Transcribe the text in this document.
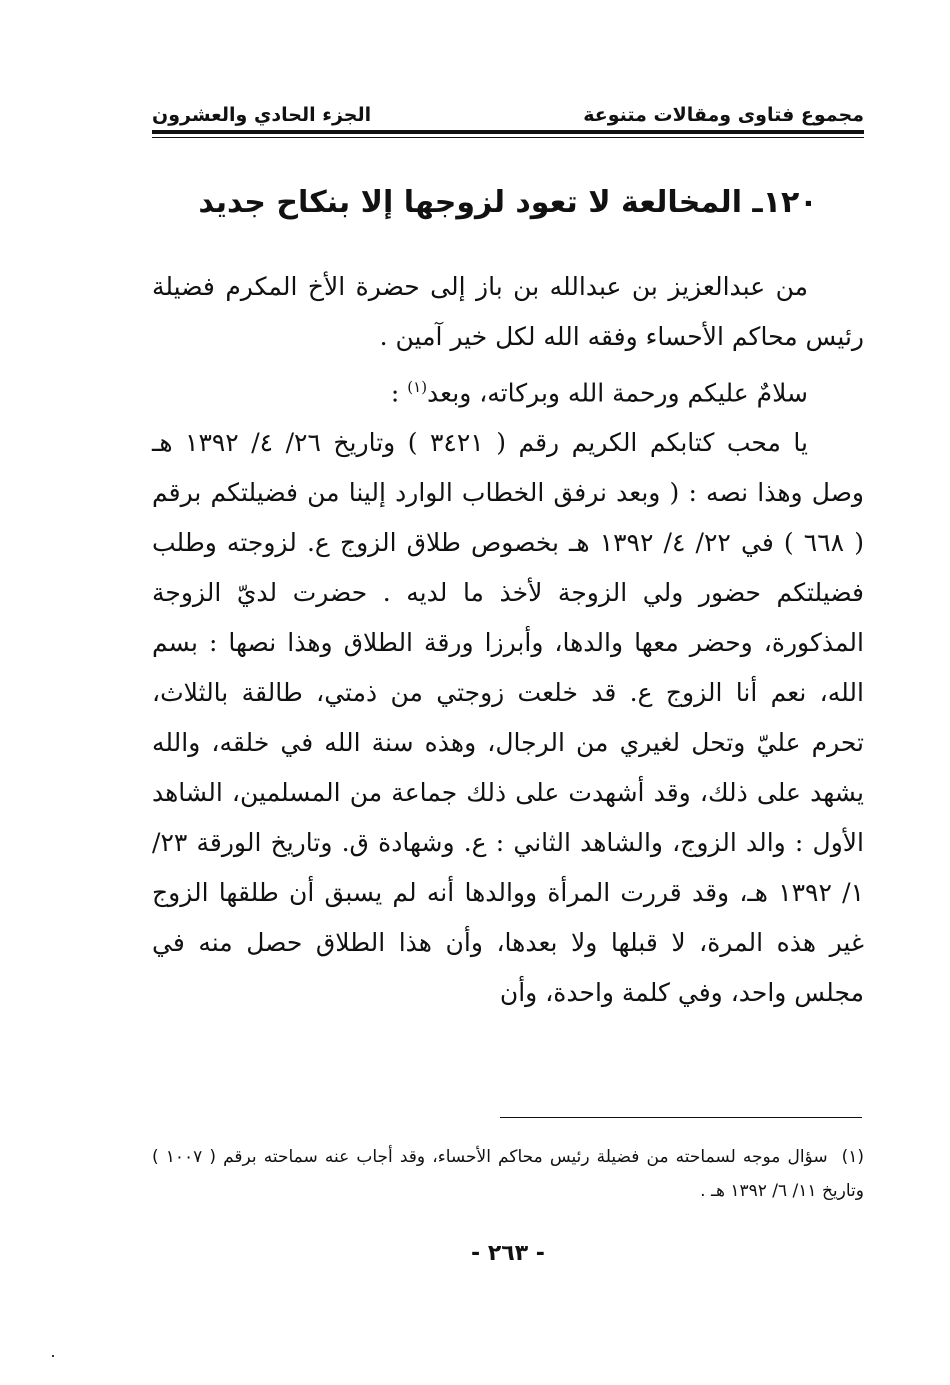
مجموع فتاوى ومقالات متنوعة
الجزء الحادي والعشرون
١٢٠ـ المخالعة لا تعود لزوجها إلا بنكاح جديد

من عبدالعزيز بن عبدالله بن باز إلى حضرة الأخ المكرم فضيلة رئيس محاكم الأحساء وفقه الله لكل خير آمين .

سلامٌ عليكم ورحمة الله وبركاته، وبعد$^{(١)}$ :

يا محب كتابكم الكريم رقم ( ٣٤٢١ ) وتاريخ ٢٦/ ٤/ ١٣٩٢ هـ وصل وهذا نصه : ( وبعد نرفق الخطاب الوارد إلينا من فضيلتكم برقم ( ٦٦٨ ) في ٢٢/ ٤/ ١٣٩٢ هـ بخصوص طلاق الزوج ع. لزوجته وطلب فضيلتكم حضور ولي الزوجة لأخذ ما لديه . حضرت لديّ الزوجة المذكورة، وحضر معها والدها، وأبرزا ورقة الطلاق وهذا نصها : بسم الله، نعم أنا الزوج ع. قد خلعت زوجتي من ذمتي، طالقة بالثلاث، تحرم عليّ وتحل لغيري من الرجال، وهذه سنة الله في خلقه، والله يشهد على ذلك، وقد أشهدت على ذلك جماعة من المسلمين، الشاهد الأول : والد الزوج، والشاهد الثاني : ع. وشهادة ق. وتاريخ الورقة ٢٣/ ١/ ١٣٩٢ هـ، وقد قررت المرأة ووالدها أنه لم يسبق أن طلقها الزوج غير هذه المرة، لا قبلها ولا بعدها، وأن هذا الطلاق حصل منه في مجلس واحد، وفي كلمة واحدة، وأن

(١)سؤال موجه لسماحته من فضيلة رئيس محاكم الأحساء، وقد أجاب عنه سماحته برقم ( ١٠٠٧ ) وتاريخ ١١/ ٦/ ١٣٩٢ هـ .
- ٢٦٣ -
